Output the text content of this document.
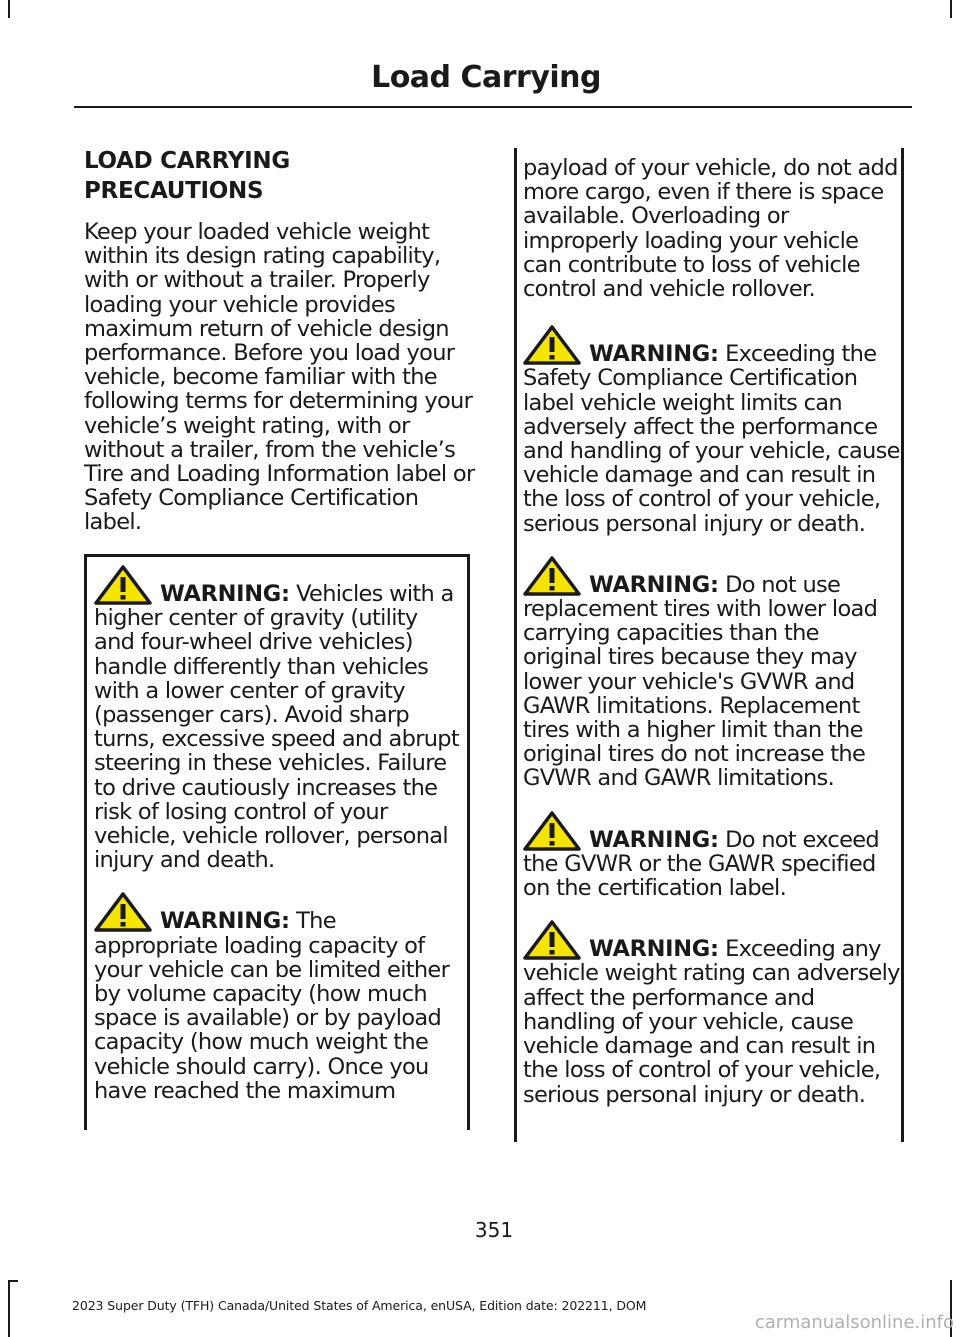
Load Carrying
LOAD CARRYING
PRECAUTIONS

Keep your loaded vehicle weight within its design rating capability, with or without a trailer. Properly loading your vehicle provides maximum return of vehicle design performance. Before you load your vehicle, become familiar with the following terms for determining your vehicle’s weight rating, with or without a trailer, from the vehicle’s Tire and Loading Information label or Safety Compliance Certification label.

WARNING: Vehicles with a higher center of gravity (utility and four-wheel drive vehicles) handle differently than vehicles with a lower center of gravity (passenger cars). Avoid sharp turns, excessive speed and abrupt steering in these vehicles. Failure to drive cautiously increases the risk of losing control of your vehicle, vehicle rollover, personal injury and death.

WARNING: The appropriate loading capacity of your vehicle can be limited either by volume capacity (how much space is available) or by payload capacity (how much weight the vehicle should carry). Once you have reached the maximum

payload of your vehicle, do not add more cargo, even if there is space available. Overloading or improperly loading your vehicle can contribute to loss of vehicle control and vehicle rollover.

WARNING: Exceeding the Safety Compliance Certification label vehicle weight limits can adversely affect the performance and handling of your vehicle, cause vehicle damage and can result in the loss of control of your vehicle, serious personal injury or death.

WARNING: Do not use replacement tires with lower load carrying capacities than the original tires because they may lower your vehicle's GVWR and GAWR limitations. Replacement tires with a higher limit than the original tires do not increase the GVWR and GAWR limitations.

WARNING: Do not exceed the GVWR or the GAWR specified on the certification label.

WARNING: Exceeding any vehicle weight rating can adversely affect the performance and handling of your vehicle, cause vehicle damage and can result in the loss of control of your vehicle, serious personal injury or death.

351
2023 Super Duty (TFH) Canada/United States of America, enUSA, Edition date: 202211, DOM
carmanualsonline.info
